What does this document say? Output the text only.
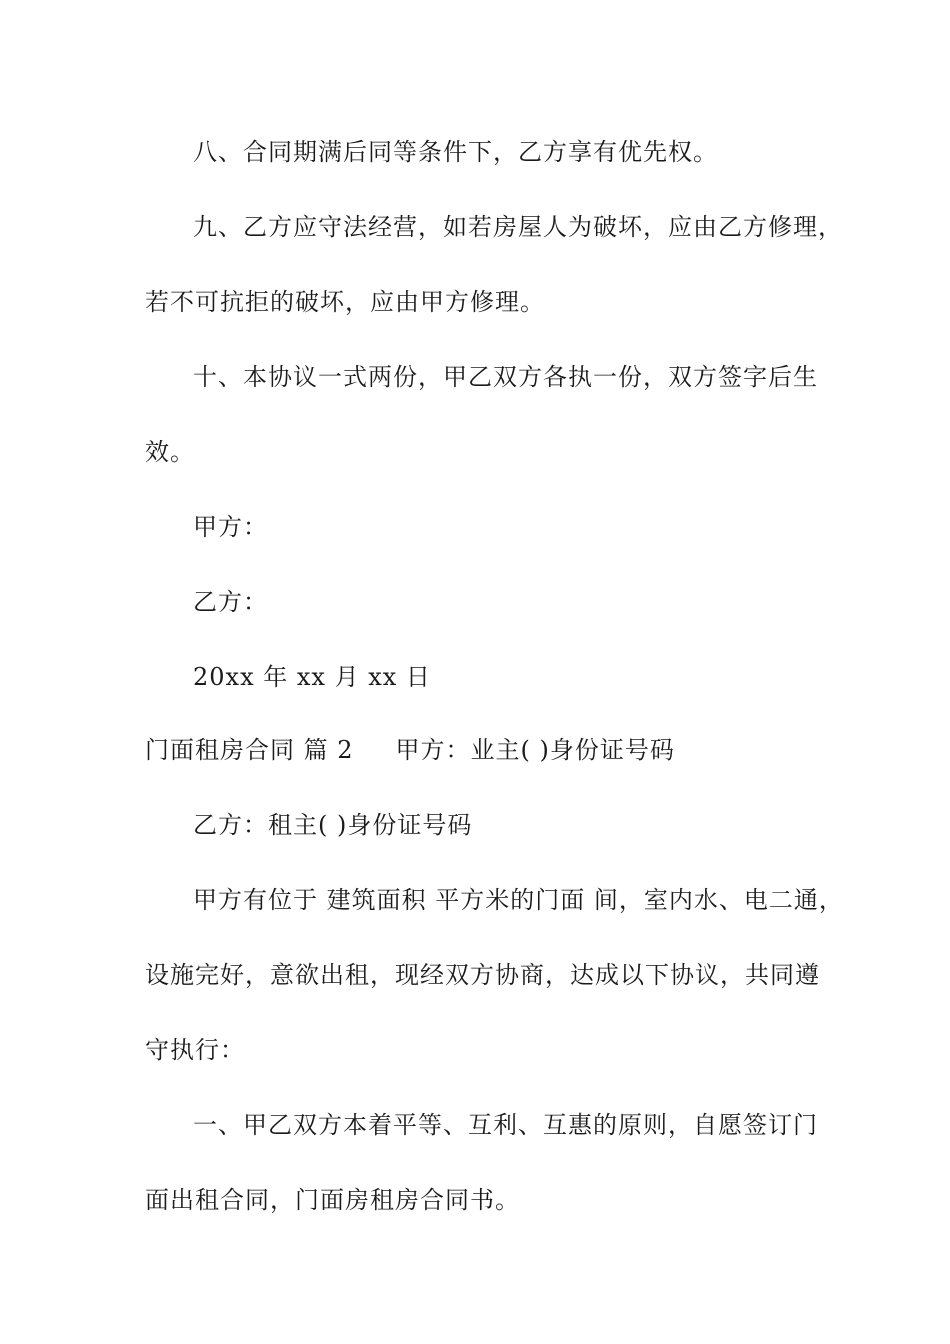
八、合同期满后同等条件下，乙方享有优先权。
九、乙方应守法经营，如若房屋人为破坏，应由乙方修理，
若不可抗拒的破坏，应由甲方修理。
十、本协议一式两份，甲乙双方各执一份，双方签字后生
效。
甲方：
乙方：
20xx 年 xx 月 xx 日
门面租房合同 篇 2 甲方：业主( )身份证号码
乙方：租主( )身份证号码
甲方有位于 建筑面积 平方米的门面 间，室内水、电二通，
设施完好，意欲出租，现经双方协商，达成以下协议，共同遵
守执行：
一、甲乙双方本着平等、互利、互惠的原则，自愿签订门
面出租合同，门面房租房合同书。
